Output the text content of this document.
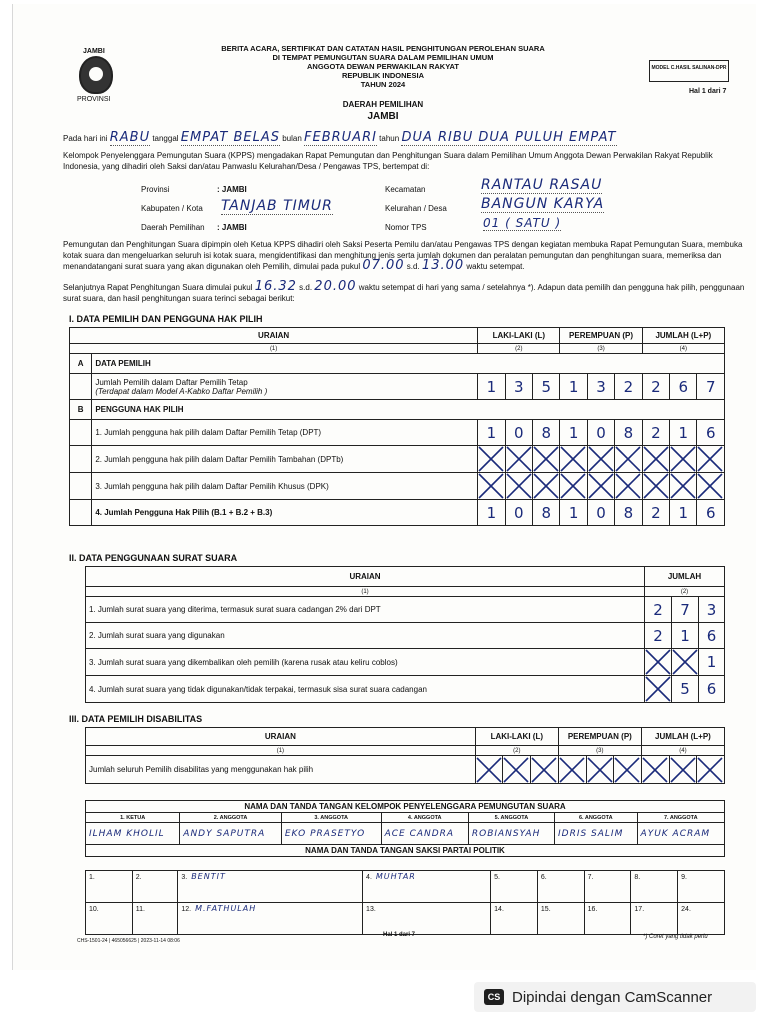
JAMBI
PROVINSI
BERITA ACARA, SERTIFIKAT DAN CATATAN HASIL PENGHITUNGAN PEROLEHAN SUARA
DI TEMPAT PEMUNGUTAN SUARA DALAM PEMILIHAN UMUM
ANGGOTA DEWAN PERWAKILAN RAKYAT
REPUBLIK INDONESIA
TAHUN 2024
DAERAH PEMILIHAN
JAMBI
MODEL C.HASIL SALINAN-DPR
Hal 1 dari 7
Pada hari ini RABU tanggal EMPAT BELAS bulan FEBRUARI tahun DUA RIBU DUA PULUH EMPAT
Kelompok Penyelenggara Pemungutan Suara (KPPS) mengadakan Rapat Pemungutan dan Penghitungan Suara dalam Pemilihan Umum Anggota Dewan Perwakilan Rakyat Republik Indonesia, yang dihadiri oleh Saksi dan/atau Panwaslu Kelurahan/Desa / Pengawas TPS, bertempat di:
Provinsi	: JAMBI
Kabupaten / Kota TANJAB TIMUR
Daerah Pemilihan : JAMBI
Kecamatan	RANTAU RASAU
Kelurahan / Desa BANGUN KARYA
Nomor TPS	01 ( SATU )
Pemungutan dan Penghitungan Suara dipimpin oleh Ketua KPPS dihadiri oleh Saksi Peserta Pemilu dan/atau Pengawas TPS dengan kegiatan membuka Rapat Pemungutan Suara, membuka kotak suara dan mengeluarkan seluruh isi kotak suara, mengidentifikasi dan menghitung jenis serta jumlah dokumen dan peralatan pemungutan dan penghitungan suara, memeriksa dan menandatangani surat suara yang akan digunakan oleh Pemilih, dimulai pada pukul 07.00 s.d. 13.00 waktu setempat.
Selanjutnya Rapat Penghitungan Suara dimulai pukul 16.32 s.d. 20.00 waktu setempat di hari yang sama / setelahnya *). Adapun data pemilih dan pengguna hak pilih, penggunaan surat suara, dan hasil penghitungan suara terinci sebagai berikut:
I. DATA PEMILIH DAN PENGGUNA HAK PILIH
URAIAN		LAKI-LAKI (L)			PEREMPUAN (P)			JUMLAH (L+P)		
(1)		(2)			(3)			(4)		
A	DATA PEMILIH									

	Jumlah Pemilih dalam Daftar Pemilih Tetap
(Terdapat dalam Model A-Kabko Daftar Pemilih )	1	3	5	1	3	2	2	6	7
B	PENGGUNA HAK PILIH									
	1. Jumlah pengguna hak pilih dalam Daftar Pemilih Tetap (DPT)	1	0	8	1	0	8	2	1	6
	2. Jumlah pengguna hak pilih dalam Daftar Pemilih Tambahan (DPTb)	

	3. Jumlah pengguna hak pilih dalam Daftar Pemilih Khusus (DPK)	

	4. Jumlah Pengguna Hak Pilih (B.1 + B.2 + B.3)	1	0	8	1	0	8	2	1	6
II. DATA PENGGUNAAN SURAT SUARA
URAIAN	JUMLAH		
(1)	(2)		
1. Jumlah surat suara yang diterima, termasuk surat suara cadangan 2% dari DPT	2	7	3
2. Jumlah surat suara yang digunakan	2	1	6
3. Jumlah surat suara yang dikembalikan oleh pemilih (karena rusak atau keliru coblos)			1
4. Jumlah surat suara yang tidak digunakan/tidak terpakai, termasuk sisa surat suara cadangan		5	6
III. DATA PEMILIH DISABILITAS
URAIAN	LAKI-LAKI (L)			PEREMPUAN (P)			JUMLAH (L+P)		
(1)	(2)			(3)			(4)		
Jumlah seluruh Pemilih disabilitas yang menggunakan hak pilih	

NAMA DAN TANDA TANGAN KELOMPOK PENYELENGGARA PEMUNGUTAN SUARA						
1. KETUA	2. ANGGOTA	3. ANGGOTA	4. ANGGOTA	5. ANGGOTA	6. ANGGOTA	7. ANGGOTA
ILHAM KHOLIL	ANDY SAPUTRA	EKO PRASETYO	ACE CANDRA	ROBIANSYAH	IDRIS SALIM	AYUK ACRAM
NAMA DAN TANDA TANGAN SAKSI PARTAI POLITIK						
1.	2.	3. BENTIT	4. MUHTAR	5.	6.	7.	8.	9.
10.	11.	12. M.FATHULAH	13.	14.	15.	16.	17.	24.
CHS-1501-24 | 465056625 | 2023-11-14 08:06
Hal 1 dari 7	*) Coret yang tidak perlu
CS Dipindai dengan CamScanner
